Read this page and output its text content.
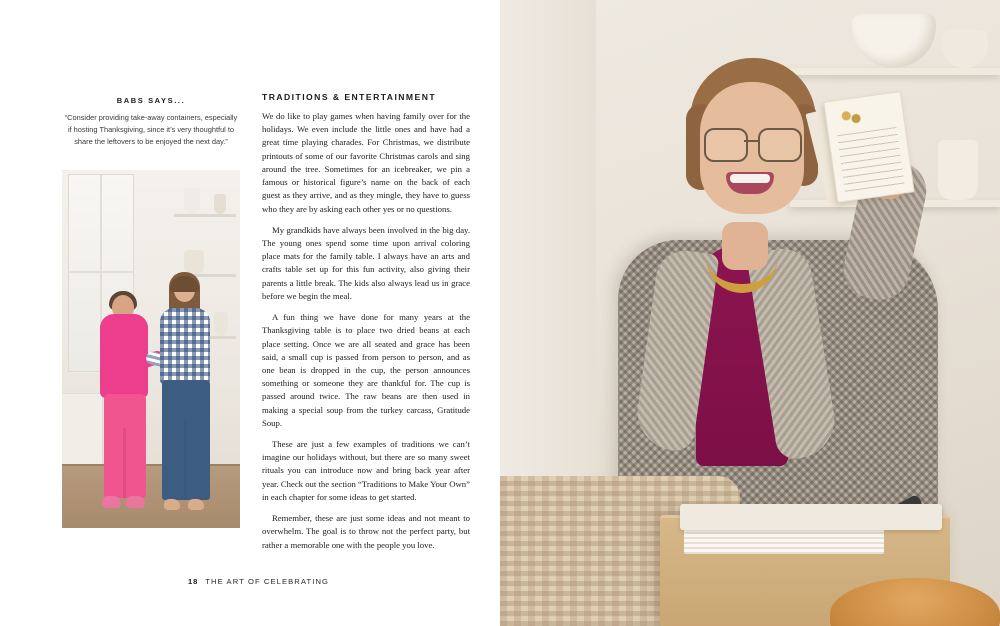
BABS SAYS...
“Consider providing take-away containers, especially if hosting Thanksgiving, since it’s very thoughtful to share the leftovers to be enjoyed the next day.”
TRADITIONS & ENTERTAINMENT

We do like to play games when having family over for the holidays. We even include the little ones and have had a great time playing charades. For Christmas, we distribute printouts of some of our favorite Christmas carols and sing around the tree. Sometimes for an icebreaker, we pin a famous or historical figure’s name on the back of each guest as they arrive, and as they mingle, they have to guess who they are by asking each other yes or no questions.

My grandkids have always been involved in the big day. The young ones spend some time upon arrival coloring place mats for the family table. I always have an arts and crafts table set up for this fun activity, also giving their parents a little break. The kids also always lead us in grace before we begin the meal.

A fun thing we have done for many years at the Thanksgiving table is to place two dried beans at each place setting. Once we are all seated and grace has been said, a small cup is passed from person to person, and as one bean is dropped in the cup, the person announces something or someone they are thankful for. The cup is passed around twice. The raw beans are then used in making a special soup from the turkey carcass, Gratitude Soup.

These are just a few examples of traditions we can’t imagine our holidays without, but there are so many sweet rituals you can introduce now and bring back year after year. Check out the section “Traditions to Make Your Own” in each chapter for some ideas to get started.

Remember, these are just some ideas and not meant to overwhelm. The goal is to throw not the perfect party, but rather a memorable one with the people you love.

18 THE ART OF CELEBRATING
